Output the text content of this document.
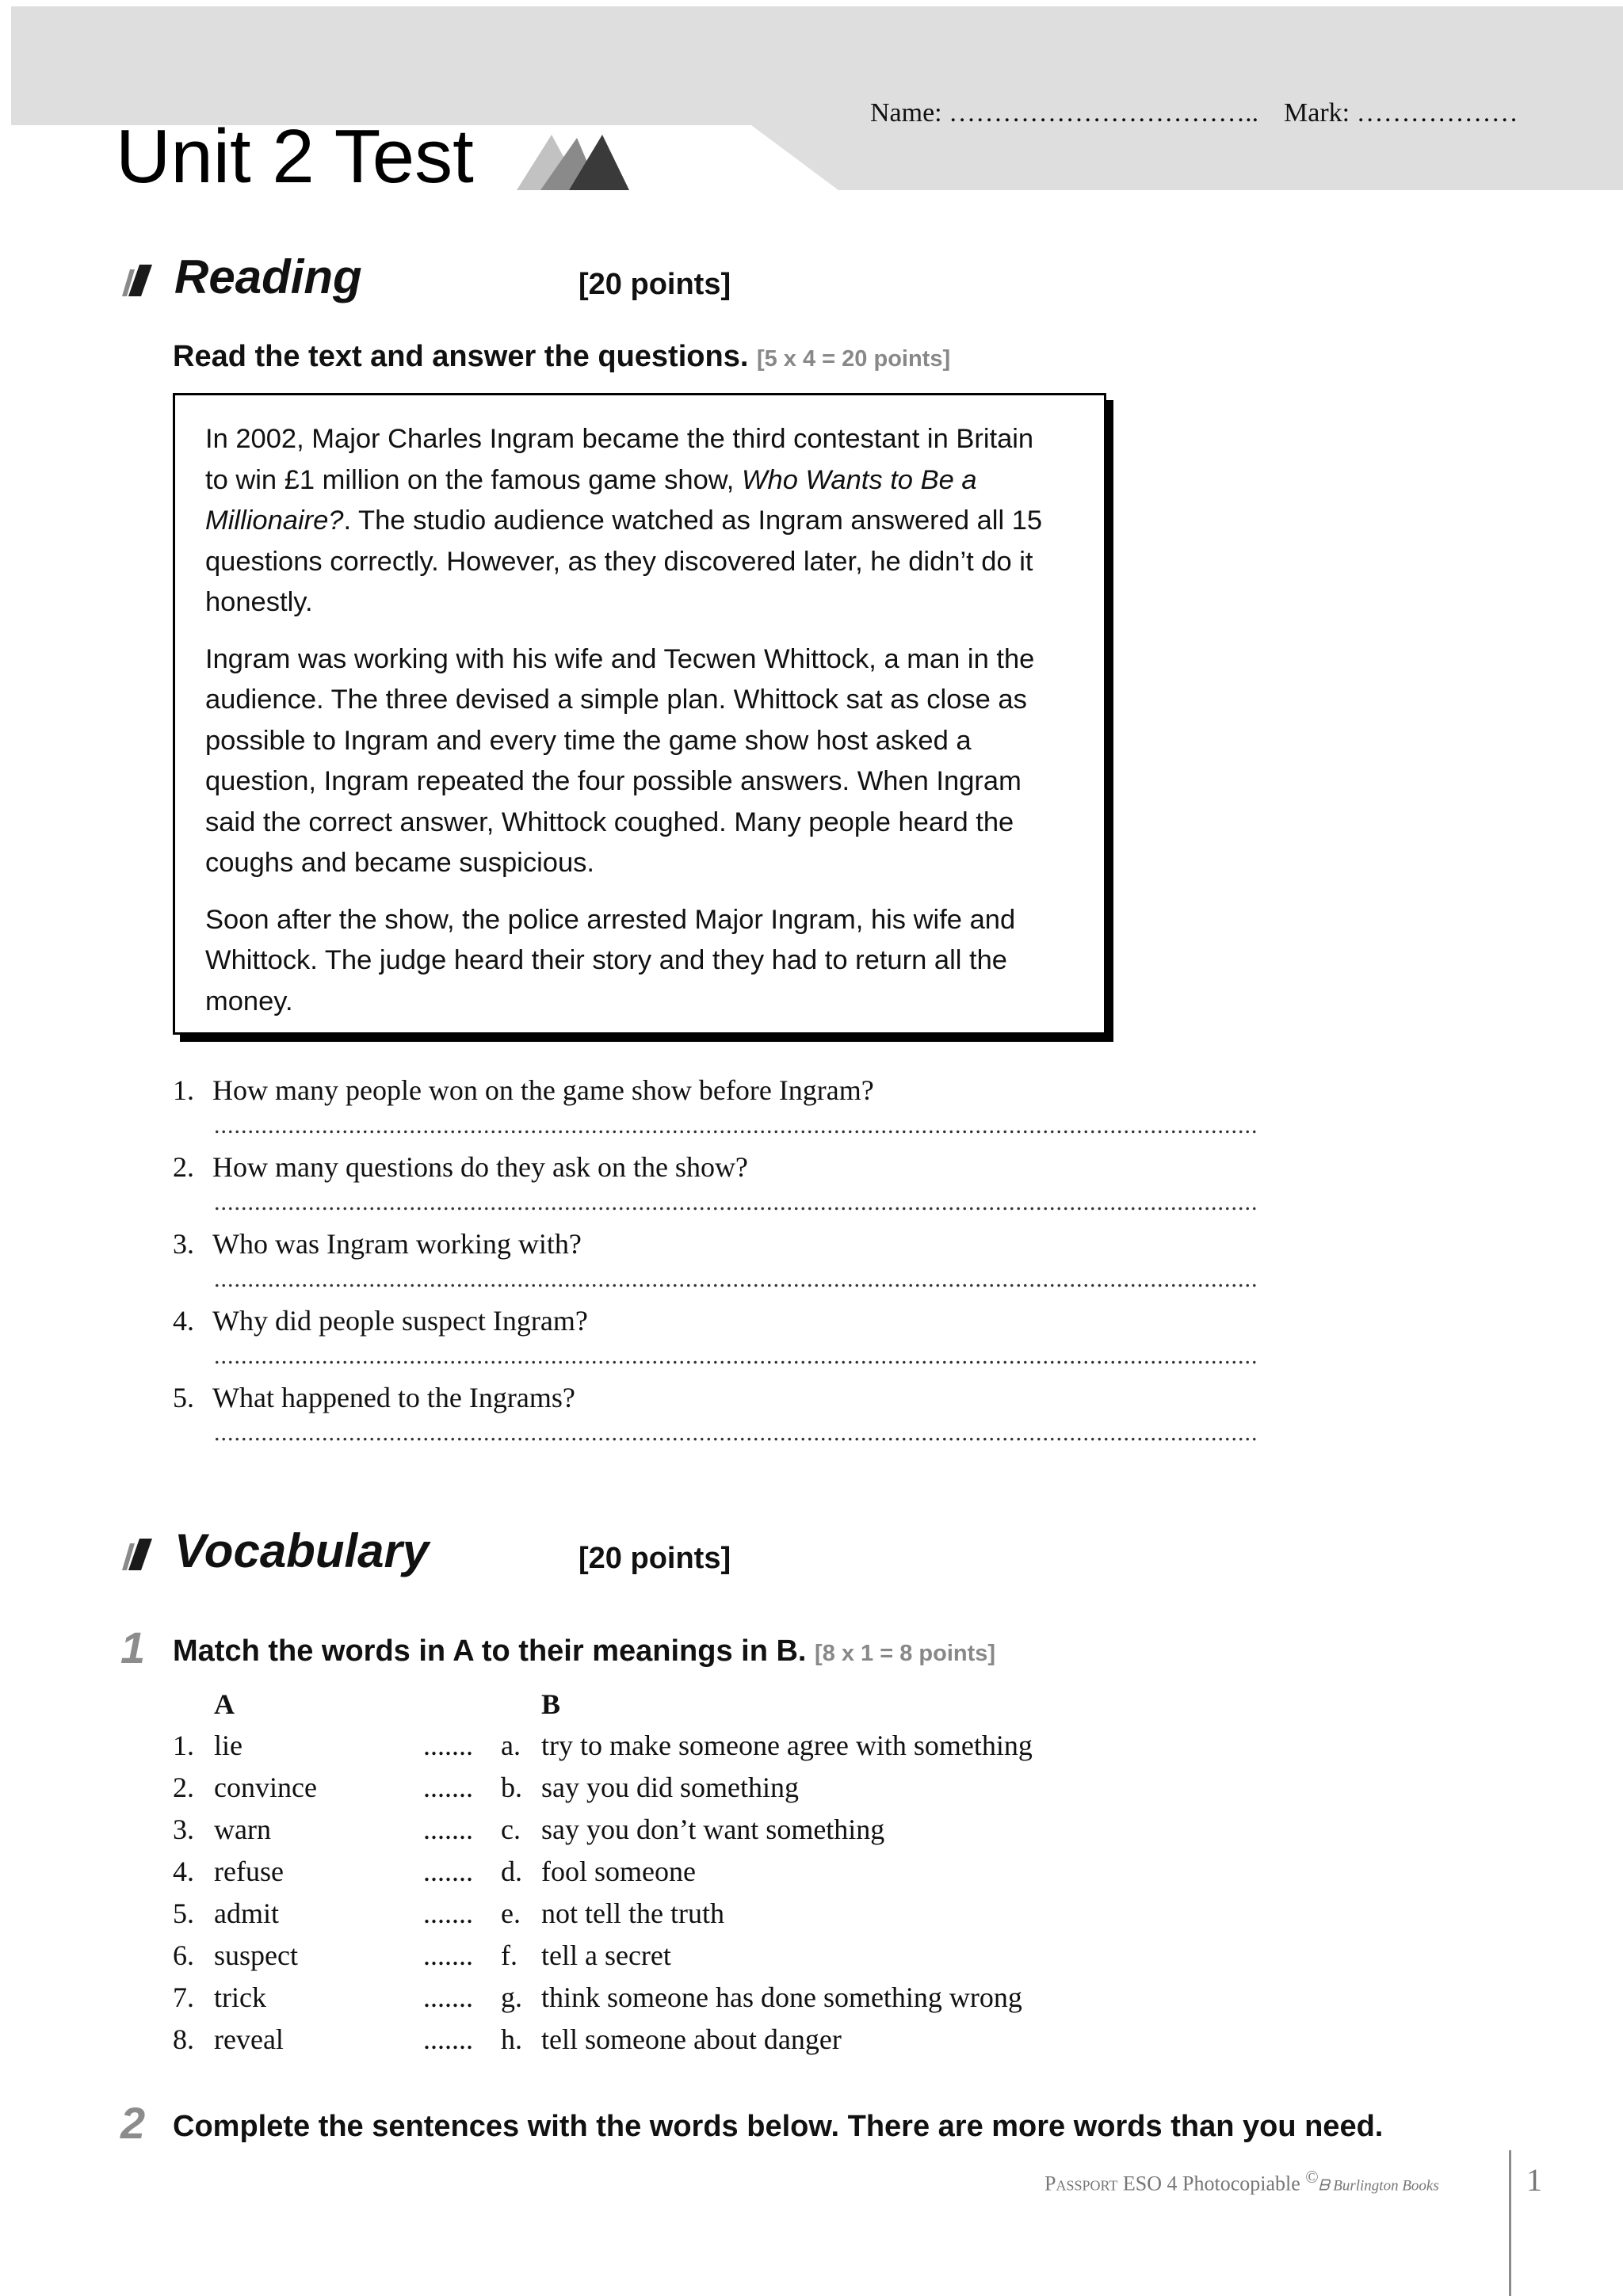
Unit 2 Test
Name: …………………………….. Mark: ………………
Reading	[20 points]
Read the text and answer the questions. [5 x 4 = 20 points]

In 2002, Major Charles Ingram became the third contestant in Britain
to win £1 million on the famous game show, Who Wants to Be a
Millionaire?. The studio audience watched as Ingram answered all 15
questions correctly. However, as they discovered later, he didn’t do it
honestly.

Ingram was working with his wife and Tecwen Whittock, a man in the audience. The three devised a simple plan. Whittock sat as close as possible to Ingram and every time the game show host asked a question, Ingram repeated the four possible answers. When Ingram said the correct answer, Whittock coughed. Many people heard the coughs and became suspicious.

Soon after the show, the police arrested Major Ingram, his wife and Whittock. The judge heard their story and they had to return all the money.

1. How many people won on the game show before Ingram?
...........................................................................................................................................................
2. How many questions do they ask on the show?
...........................................................................................................................................................
3. Who was Ingram working with?
...........................................................................................................................................................
4. Why did people suspect Ingram?
...........................................................................................................................................................
5. What happened to the Ingrams?
...........................................................................................................................................................
Vocabulary	[20 points]
1 Match the words in A to their meanings in B. [8 x 1 = 8 points]
A	B
1. lie	....... a. try to make someone agree with something
2. convince	....... b. say you did something
3. warn	....... c. say you don’t want something
4. refuse	....... d. fool someone
5. admit	....... e. not tell the truth
6. suspect	....... f. tell a secret
7. trick	....... g. think someone has done something wrong
8. reveal	....... h. tell someone about danger
2 Complete the sentences with the words below. There are more words than you need.
Passport ESO 4 Photocopiable ©ᗷ Burlington Books	1
